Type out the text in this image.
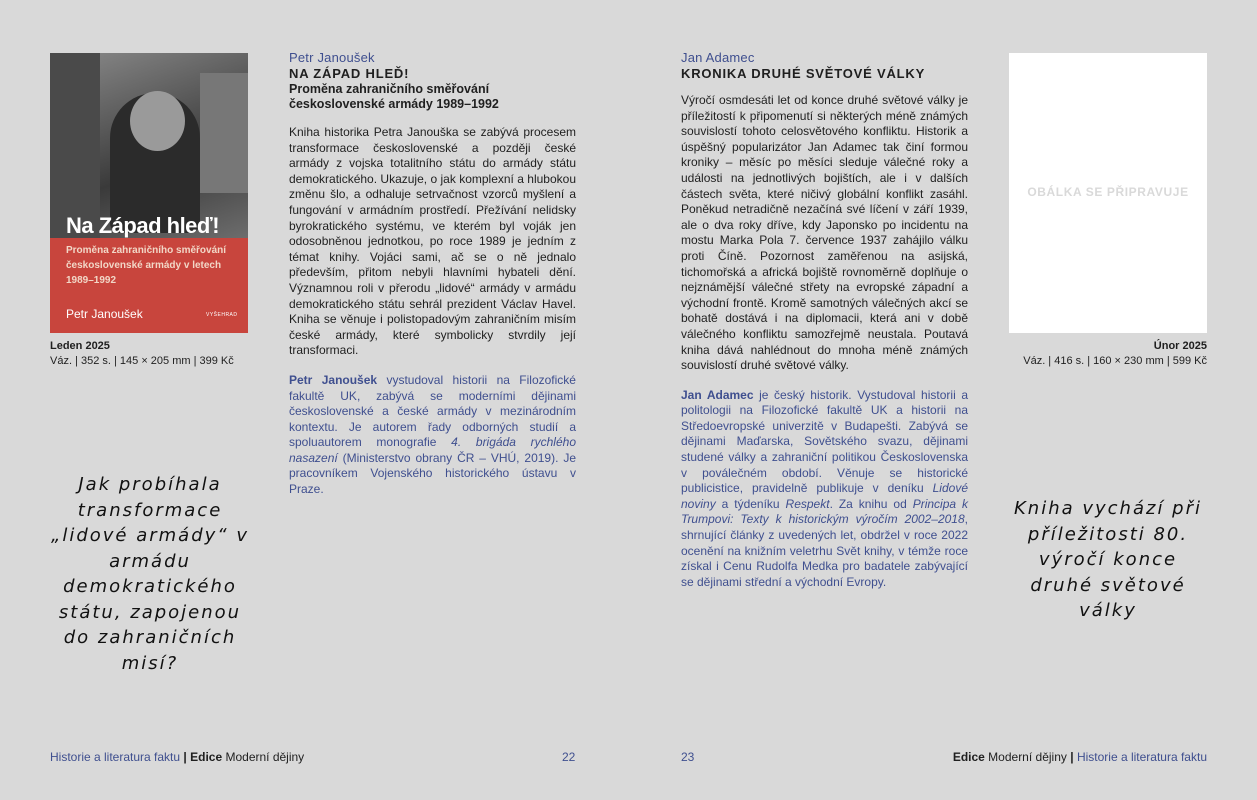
Na Západ hleď!
Proměna zahraničního směřování československé armády v letech 1989–1992
Petr Janoušek	VYŠEHRAD
Leden 2025
Váz. | 352 s. | 145 × 205 mm | 399 Kč
Jak probíhala transformace „lidové armády“ v armádu demokratického státu, zapojenou do zahraničních misí?
Petr Janoušek
NA ZÁPAD HLEĎ!
Proměna zahraničního směřování
československé armády 1989–1992

Kniha historika Petra Janouška se zabývá procesem transformace československé a později české armády z vojska totalitního státu do armády státu demokratického. Ukazuje, o jak komplexní a hlubokou změnu šlo, a odhaluje setrvačnost vzorců myšlení a fungování v armádním prostředí. Přežívání nelidsky byrokratického systému, ve kterém byl voják jen odosobněnou jednotkou, po roce 1989 je jedním z témat knihy. Vojáci sami, ač se o ně jednalo především, přitom nebyli hlavními hybateli dění. Významnou roli v přerodu „lidové“ armády v armádu demokratického státu sehrál prezident Václav Havel. Kniha se věnuje i polistopadovým zahraničním misím české armády, které symbolicky stvrdily její transformaci.

Petr Janoušek vystudoval historii na Filozofické fakultě UK, zabývá se moderními dějinami československé a české armády v mezinárodním kontextu. Je autorem řady odborných studií a spoluautorem monografie 4. brigáda rychlého nasazení (Ministerstvo obrany ČR – VHÚ, 2019). Je pracovníkem Vojenského historického ústavu v Praze.

Historie a literatura faktu | Edice Moderní dějiny	22
Jan Adamec
KRONIKA DRUHÉ SVĚTOVÉ VÁLKY

Výročí osmdesáti let od konce druhé světové války je příležitostí k připomenutí si některých méně známých souvislostí tohoto celosvětového konfliktu. Historik a úspěšný popularizátor Jan Adamec tak činí formou kroniky – měsíc po měsíci sleduje válečné roky a události na jednotlivých bojištích, ale i v dalších částech světa, které ničivý globální konflikt zasáhl. Poněkud netradičně nezačíná své líčení v září 1939, ale o dva roky dříve, kdy Japonsko po incidentu na mostu Marka Pola 7. července 1937 zahájilo válku proti Číně. Pozornost zaměřenou na asijská, tichomořská a africká bojiště rovnoměrně doplňuje o nejznámější válečné střety na evropské západní a východní frontě. Kromě samotných válečných akcí se bohatě dostává i na diplomacii, která ani v době válečného konfliktu samozřejmě neustala. Poutavá kniha dává nahlédnout do mnoha méně známých souvislostí druhé světové války.

Jan Adamec je český historik. Vystudoval historii a politologii na Filozofické fakultě UK a historii na Středoevropské univerzitě v Budapešti. Zabývá se dějinami Maďarska, Sovětského svazu, dějinami studené války a zahraniční politikou Československa v poválečném období. Věnuje se historické publicistice, pravidelně publikuje v deníku Lidové noviny a týdeníku Respekt. Za knihu od Principa k Trumpovi: Texty k historickým výročím 2002–2018, shrnující články z uvedených let, obdržel v roce 2022 ocenění na knižním veletrhu Svět knihy, v témže roce získal i Cenu Rudolfa Medka pro badatele zabývající se dějinami střední a východní Evropy.

OBÁLKA SE PŘIPRAVUJE
Únor 2025
Váz. | 416 s. | 160 × 230 mm | 599 Kč
Kniha vychází při příležitosti 80. výročí konce druhé světové války
23	Edice Moderní dějiny | Historie a literatura faktu
